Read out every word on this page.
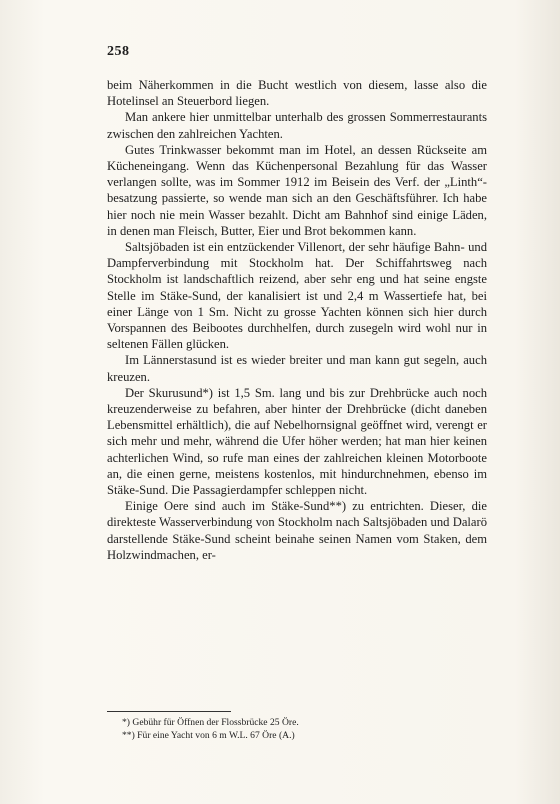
258

beim Näherkommen in die Bucht westlich von diesem, lasse also die Hotelinsel an Steuerbord liegen.

Man ankere hier unmittelbar unterhalb des grossen Sommerrestaurants zwischen den zahlreichen Yachten.

Gutes Trinkwasser bekommt man im Hotel, an dessen Rückseite am Kücheneingang. Wenn das Küchenpersonal Bezahlung für das Wasser verlangen sollte, was im Sommer 1912 im Beisein des Verf. der „Linth“-besatzung passierte, so wende man sich an den Geschäftsführer. Ich habe hier noch nie mein Wasser bezahlt. Dicht am Bahnhof sind einige Läden, in denen man Fleisch, Butter, Eier und Brot bekommen kann.

Saltsjöbaden ist ein entzückender Villenort, der sehr häufige Bahn- und Dampferverbindung mit Stockholm hat. Der Schiffahrtsweg nach Stockholm ist landschaftlich reizend, aber sehr eng und hat seine engste Stelle im Stäke-Sund, der kanalisiert ist und 2,4 m Wassertiefe hat, bei einer Länge von 1 Sm. Nicht zu grosse Yachten können sich hier durch Vorspannen des Beibootes durchhelfen, durch zusegeln wird wohl nur in seltenen Fällen glücken.

Im Lännerstasund ist es wieder breiter und man kann gut segeln, auch kreuzen.

Der Skurusund*) ist 1,5 Sm. lang und bis zur Drehbrücke auch noch kreuzenderweise zu befahren, aber hinter der Drehbrücke (dicht daneben Lebensmittel erhältlich), die auf Nebelhornsignal geöffnet wird, verengt er sich mehr und mehr, während die Ufer höher werden; hat man hier keinen achterlichen Wind, so rufe man eines der zahlreichen kleinen Motorboote an, die einen gerne, meistens kostenlos, mit hindurchnehmen, ebenso im Stäke-Sund. Die Passagierdampfer schleppen nicht.

Einige Oere sind auch im Stäke-Sund**) zu entrichten. Dieser, die direkteste Wasserverbindung von Stockholm nach Saltsjöbaden und Dalarö darstellende Stäke-Sund scheint beinahe seinen Namen vom Staken, dem Holzwindmachen, er-

*) Gebühr für Öffnen der Flossbrücke 25 Öre.
**) Für eine Yacht von 6 m W.L. 67 Öre (A.)
